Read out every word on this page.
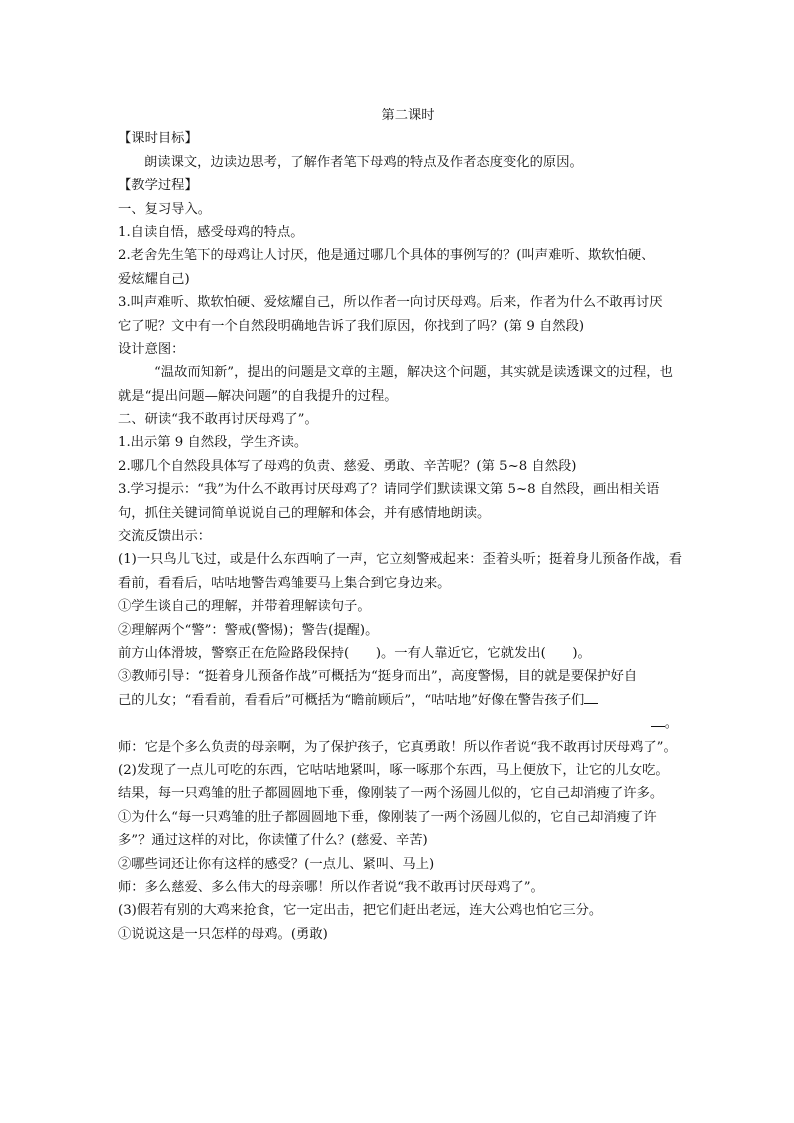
第二课时
【课时目标】
朗读课文，边读边思考，了解作者笔下母鸡的特点及作者态度变化的原因。
【教学过程】
一、复习导入。
1.自读自悟，感受母鸡的特点。
2.老舍先生笔下的母鸡让人讨厌，他是通过哪几个具体的事例写的？(叫声难听、欺软怕硬、
爱炫耀自己)
3.叫声难听、欺软怕硬、爱炫耀自己，所以作者一向讨厌母鸡。后来，作者为什么不敢再讨厌
它了呢？文中有一个自然段明确地告诉了我们原因，你找到了吗？(第 9 自然段)
设计意图：
“温故而知新”，提出的问题是文章的主题，解决这个问题，其实就是读透课文的过程，也
就是“提出问题—解决问题”的自我提升的过程。
二、研读“我不敢再讨厌母鸡了”。
1.出示第 9 自然段，学生齐读。
2.哪几个自然段具体写了母鸡的负责、慈爱、勇敢、辛苦呢？(第 5~8 自然段)
3.学习提示：“我”为什么不敢再讨厌母鸡了？请同学们默读课文第 5~8 自然段，画出相关语
句，抓住关键词简单说说自己的理解和体会，并有感情地朗读。
交流反馈出示：
(1)一只鸟儿飞过，或是什么东西响了一声，它立刻警戒起来：歪着头听；挺着身儿预备作战，看
看前，看看后，咕咕地警告鸡雏要马上集合到它身边来。
①学生谈自己的理解，并带着理解读句子。
②理解两个“警”：警戒(警惕)；警告(提醒)。
前方山体滑坡，警察正在危险路段保持(　　)。一有人靠近它，它就发出(　　)。
③教师引导：“挺着身儿预备作战”可概括为“挺身而出”，高度警惕，目的就是要保护好自
己的儿女；“看看前，看看后”可概括为“瞻前顾后”，“咕咕地”好像在警告孩子们
。
师：它是个多么负责的母亲啊，为了保护孩子，它真勇敢！所以作者说“我不敢再讨厌母鸡了”。
(2)发现了一点儿可吃的东西，它咕咕地紧叫，啄一啄那个东西，马上便放下，让它的儿女吃。
结果，每一只鸡雏的肚子都圆圆地下垂，像刚装了一两个汤圆儿似的，它自己却消瘦了许多。
①为什么“每一只鸡雏的肚子都圆圆地下垂，像刚装了一两个汤圆儿似的，它自己却消瘦了许
多”？通过这样的对比，你读懂了什么？(慈爱、辛苦)
②哪些词还让你有这样的感受？(一点儿、紧叫、马上)
师：多么慈爱、多么伟大的母亲哪！所以作者说“我不敢再讨厌母鸡了”。
(3)假若有别的大鸡来抢食，它一定出击，把它们赶出老远，连大公鸡也怕它三分。
①说说这是一只怎样的母鸡。(勇敢)
